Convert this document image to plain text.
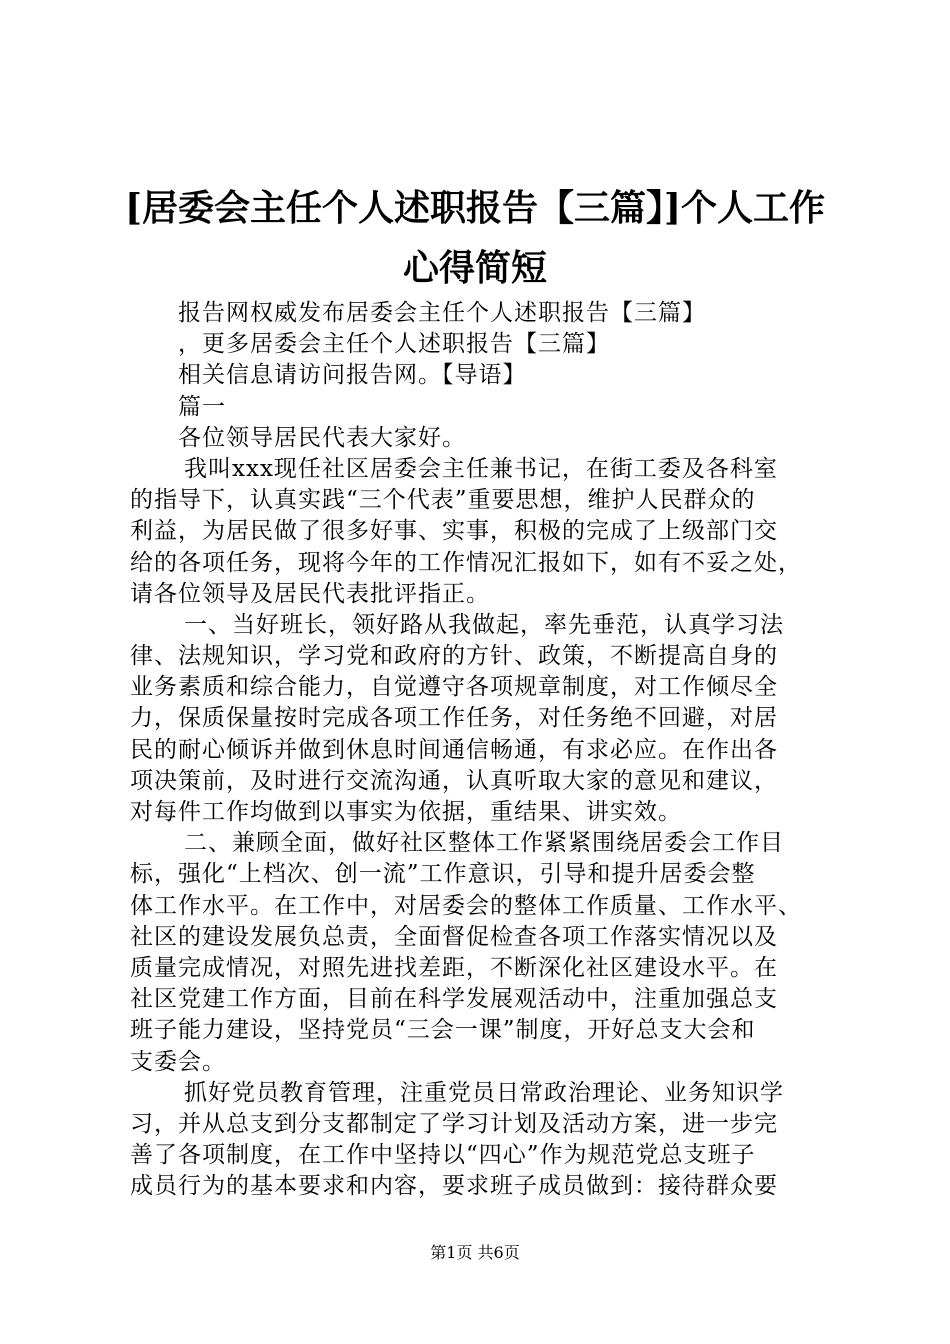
[居委会主任个人述职报告【三篇】]个人工作
心得简短
报告网权威发布居委会主任个人述职报告【三篇】
，更多居委会主任个人述职报告【三篇】
相关信息请访问报告网。【导语】
篇一
各位领导居民代表大家好。
我叫xxx现任社区居委会主任兼书记，在街工委及各科室
的指导下，认真实践“三个代表”重要思想，维护人民群众的
利益，为居民做了很多好事、实事，积极的完成了上级部门交
给的各项任务，现将今年的工作情况汇报如下，如有不妥之处，
请各位领导及居民代表批评指正。
一、当好班长，领好路从我做起，率先垂范，认真学习法
律、法规知识，学习党和政府的方针、政策，不断提高自身的
业务素质和综合能力，自觉遵守各项规章制度，对工作倾尽全
力，保质保量按时完成各项工作任务，对任务绝不回避，对居
民的耐心倾诉并做到休息时间通信畅通，有求必应。在作出各
项决策前，及时进行交流沟通，认真听取大家的意见和建议，
对每件工作均做到以事实为依据，重结果、讲实效。
二、兼顾全面，做好社区整体工作紧紧围绕居委会工作目
标，强化“上档次、创一流”工作意识，引导和提升居委会整
体工作水平。在工作中，对居委会的整体工作质量、工作水平、
社区的建设发展负总责，全面督促检查各项工作落实情况以及
质量完成情况，对照先进找差距，不断深化社区建设水平。在
社区党建工作方面，目前在科学发展观活动中，注重加强总支
班子能力建设，坚持党员“三会一课”制度，开好总支大会和
支委会。
抓好党员教育管理，注重党员日常政治理论、业务知识学
习，并从总支到分支都制定了学习计划及活动方案，进一步完
善了各项制度，在工作中坚持以“四心”作为规范党总支班子
成员行为的基本要求和内容，要求班子成员做到：接待群众要
第1页 共6页
